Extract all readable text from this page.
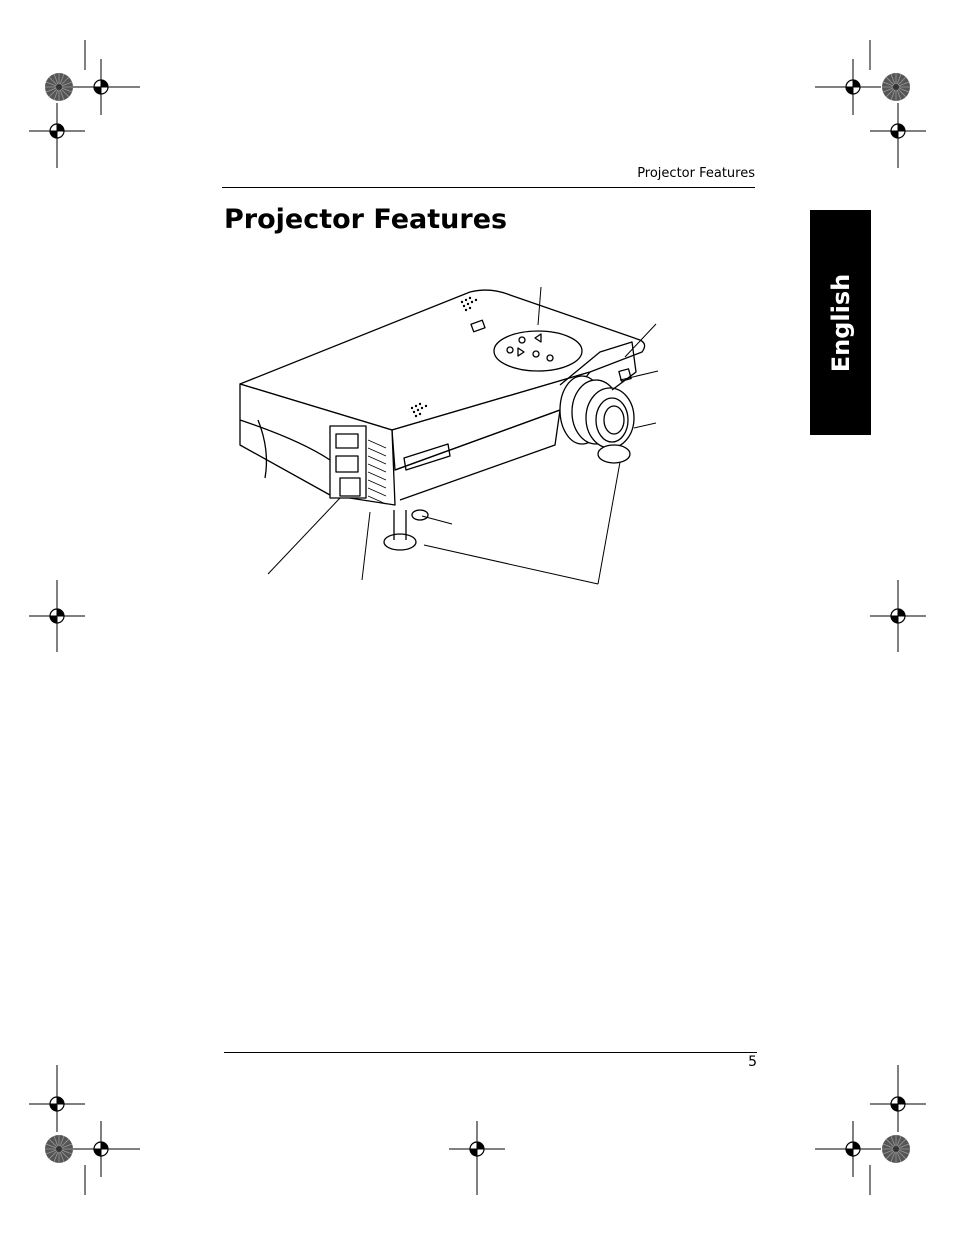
Projector Features
Projector Features
English
5
